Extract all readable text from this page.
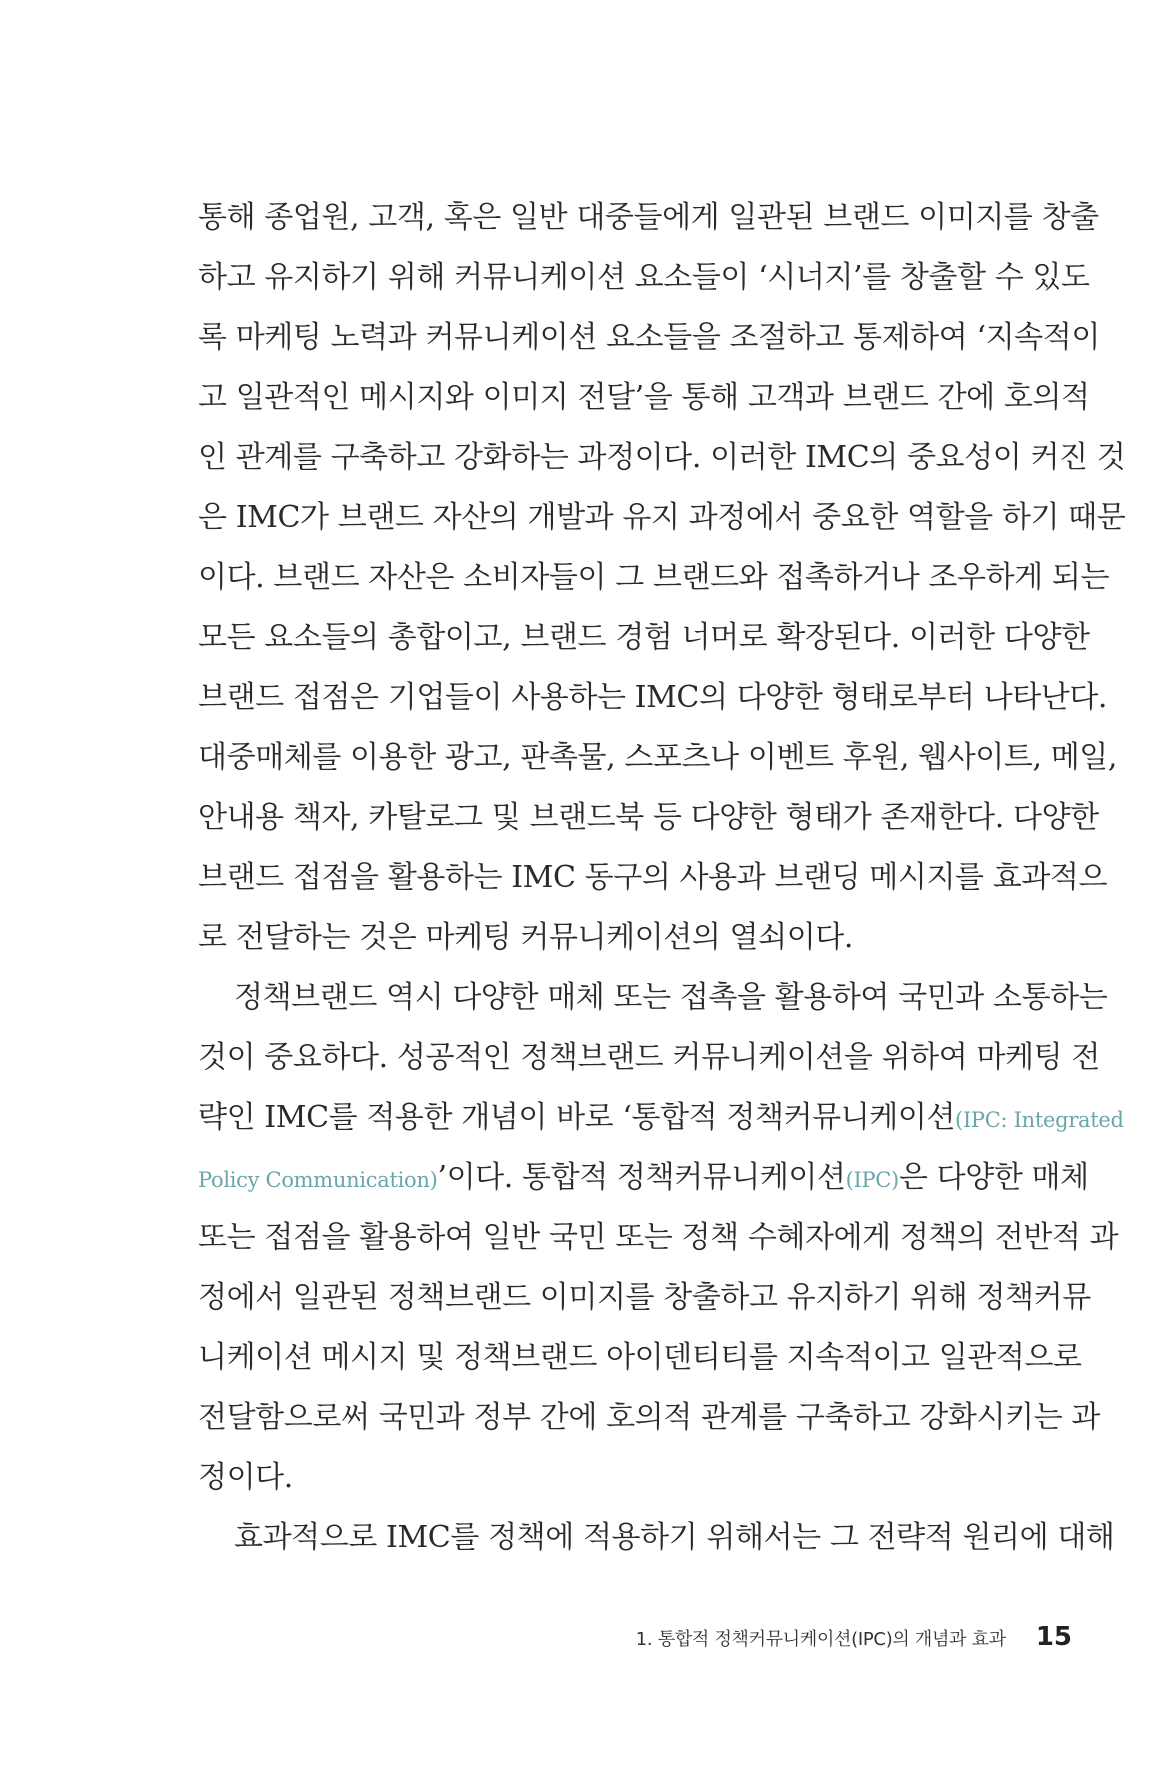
통해 종업원, 고객, 혹은 일반 대중들에게 일관된 브랜드 이미지를 창출
하고 유지하기 위해 커뮤니케이션 요소들이 ‘시너지’를 창출할 수 있도
록 마케팅 노력과 커뮤니케이션 요소들을 조절하고 통제하여 ‘지속적이
고 일관적인 메시지와 이미지 전달’을 통해 고객과 브랜드 간에 호의적
인 관계를 구축하고 강화하는 과정이다. 이러한 IMC의 중요성이 커진 것
은 IMC가 브랜드 자산의 개발과 유지 과정에서 중요한 역할을 하기 때문
이다. 브랜드 자산은 소비자들이 그 브랜드와 접촉하거나 조우하게 되는
모든 요소들의 총합이고, 브랜드 경험 너머로 확장된다. 이러한 다양한
브랜드 접점은 기업들이 사용하는 IMC의 다양한 형태로부터 나타난다.
대중매체를 이용한 광고, 판촉물, 스포츠나 이벤트 후원, 웹사이트, 메일,
안내용 책자, 카탈로그 및 브랜드북 등 다양한 형태가 존재한다. 다양한
브랜드 접점을 활용하는 IMC 동구의 사용과 브랜딩 메시지를 효과적으
로 전달하는 것은 마케팅 커뮤니케이션의 열쇠이다.
정책브랜드 역시 다양한 매체 또는 접촉을 활용하여 국민과 소통하는
것이 중요하다. 성공적인 정책브랜드 커뮤니케이션을 위하여 마케팅 전
략인 IMC를 적용한 개념이 바로 ‘통합적 정책커뮤니케이션(IPC: Integrated
Policy Communication)’이다. 통합적 정책커뮤니케이션(IPC)은 다양한 매체
또는 접점을 활용하여 일반 국민 또는 정책 수혜자에게 정책의 전반적 과
정에서 일관된 정책브랜드 이미지를 창출하고 유지하기 위해 정책커뮤
니케이션 메시지 및 정책브랜드 아이덴티티를 지속적이고 일관적으로
전달함으로써 국민과 정부 간에 호의적 관계를 구축하고 강화시키는 과
정이다.
효과적으로 IMC를 정책에 적용하기 위해서는 그 전략적 원리에 대해
1. 통합적 정책커뮤니케이션(IPC)의 개념과 효과 15
